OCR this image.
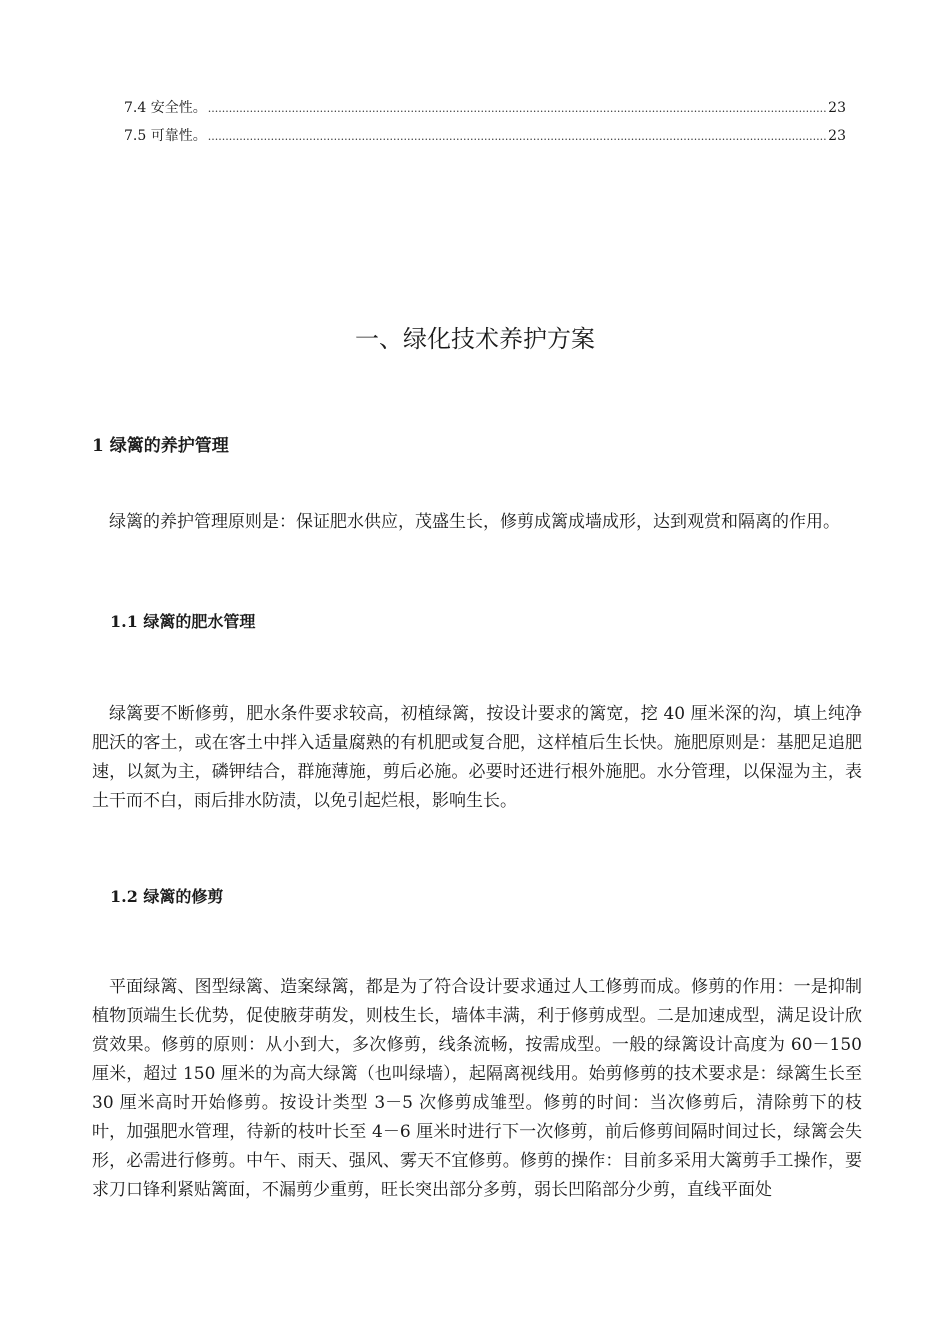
7.4 安全性。 .....	23
7.5 可靠性。 .....	23
一、绿化技术养护方案
1 绿篱的养护管理

绿篱的养护管理原则是：保证肥水供应，茂盛生长，修剪成篱成墙成形，达到观赏和隔离的作用。

1.1 绿篱的肥水管理

绿篱要不断修剪，肥水条件要求较高，初植绿篱，按设计要求的篱宽，挖 40 厘米深的沟，填上纯净肥沃的客土，或在客土中拌入适量腐熟的有机肥或复合肥，这样植后生长快。施肥原则是：基肥足追肥速，以氮为主，磷钾结合，群施薄施，剪后必施。必要时还进行根外施肥。水分管理，以保湿为主，表土干而不白，雨后排水防渍，以免引起烂根，影响生长。

1.2 绿篱的修剪

平面绿篱、图型绿篱、造案绿篱，都是为了符合设计要求通过人工修剪而成。修剪的作用：一是抑制植物顶端生长优势，促使腋芽萌发，则枝生长，墙体丰满，利于修剪成型。二是加速成型，满足设计欣赏效果。修剪的原则：从小到大，多次修剪，线条流畅，按需成型。一般的绿篱设计高度为 60－150 厘米，超过 150 厘米的为高大绿篱（也叫绿墙），起隔离视线用。始剪修剪的技术要求是：绿篱生长至 30 厘米高时开始修剪。按设计类型 3－5 次修剪成雏型。修剪的时间：当次修剪后，清除剪下的枝叶，加强肥水管理，待新的枝叶长至 4－6 厘米时进行下一次修剪，前后修剪间隔时间过长，绿篱会失形，必需进行修剪。中午、雨天、强风、雾天不宜修剪。修剪的操作：目前多采用大篱剪手工操作，要求刀口锋利紧贴篱面，不漏剪少重剪，旺长突出部分多剪，弱长凹陷部分少剪，直线平面处
